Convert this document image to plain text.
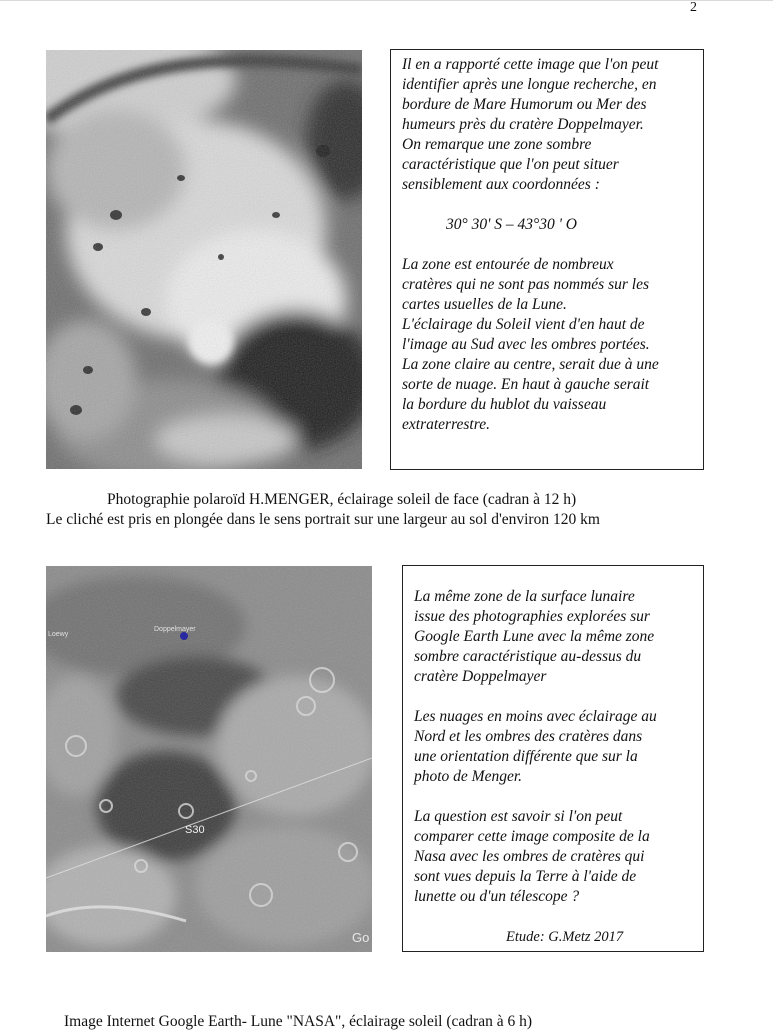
2

Il en a rapporté cette image que l'on peut

identifier après une longue recherche, en

bordure de Mare Humorum ou Mer des

humeurs près du cratère Doppelmayer.

On remarque une zone sombre

caractéristique que l'on peut situer

sensiblement aux coordonnées :

30° 30' S – 43°30 ' O

La zone est entourée de nombreux

cratères qui ne sont pas nommés sur les

cartes usuelles de la Lune.

L'éclairage du Soleil vient d'en haut de

l'image au Sud avec les ombres portées.

La zone claire au centre, serait due à une

sorte de nuage. En haut à gauche serait

la bordure du hublot du vaisseau

extraterrestre.

Photographie polaroïd H.MENGER, éclairage soleil de face (cadran à 12 h)
Le cliché est pris en plongée dans le sens portrait sur une largeur au sol d'environ 120 km
Loewy
Doppelmayer
S30
Go

La même zone de la surface lunaire

issue des photographies explorées sur

Google Earth Lune avec la même zone

sombre caractéristique au-dessus du

cratère Doppelmayer

Les nuages en moins avec éclairage au

Nord et les ombres des cratères dans

une orientation différente que sur la

photo de Menger.

La question est savoir si l'on peut

comparer cette image composite de la

Nasa avec les ombres de cratères qui

sont vues depuis la Terre à l'aide de

lunette ou d'un télescope ?

Etude: G.Metz 2017

Image Internet Google Earth- Lune "NASA", éclairage soleil (cadran à 6 h)
